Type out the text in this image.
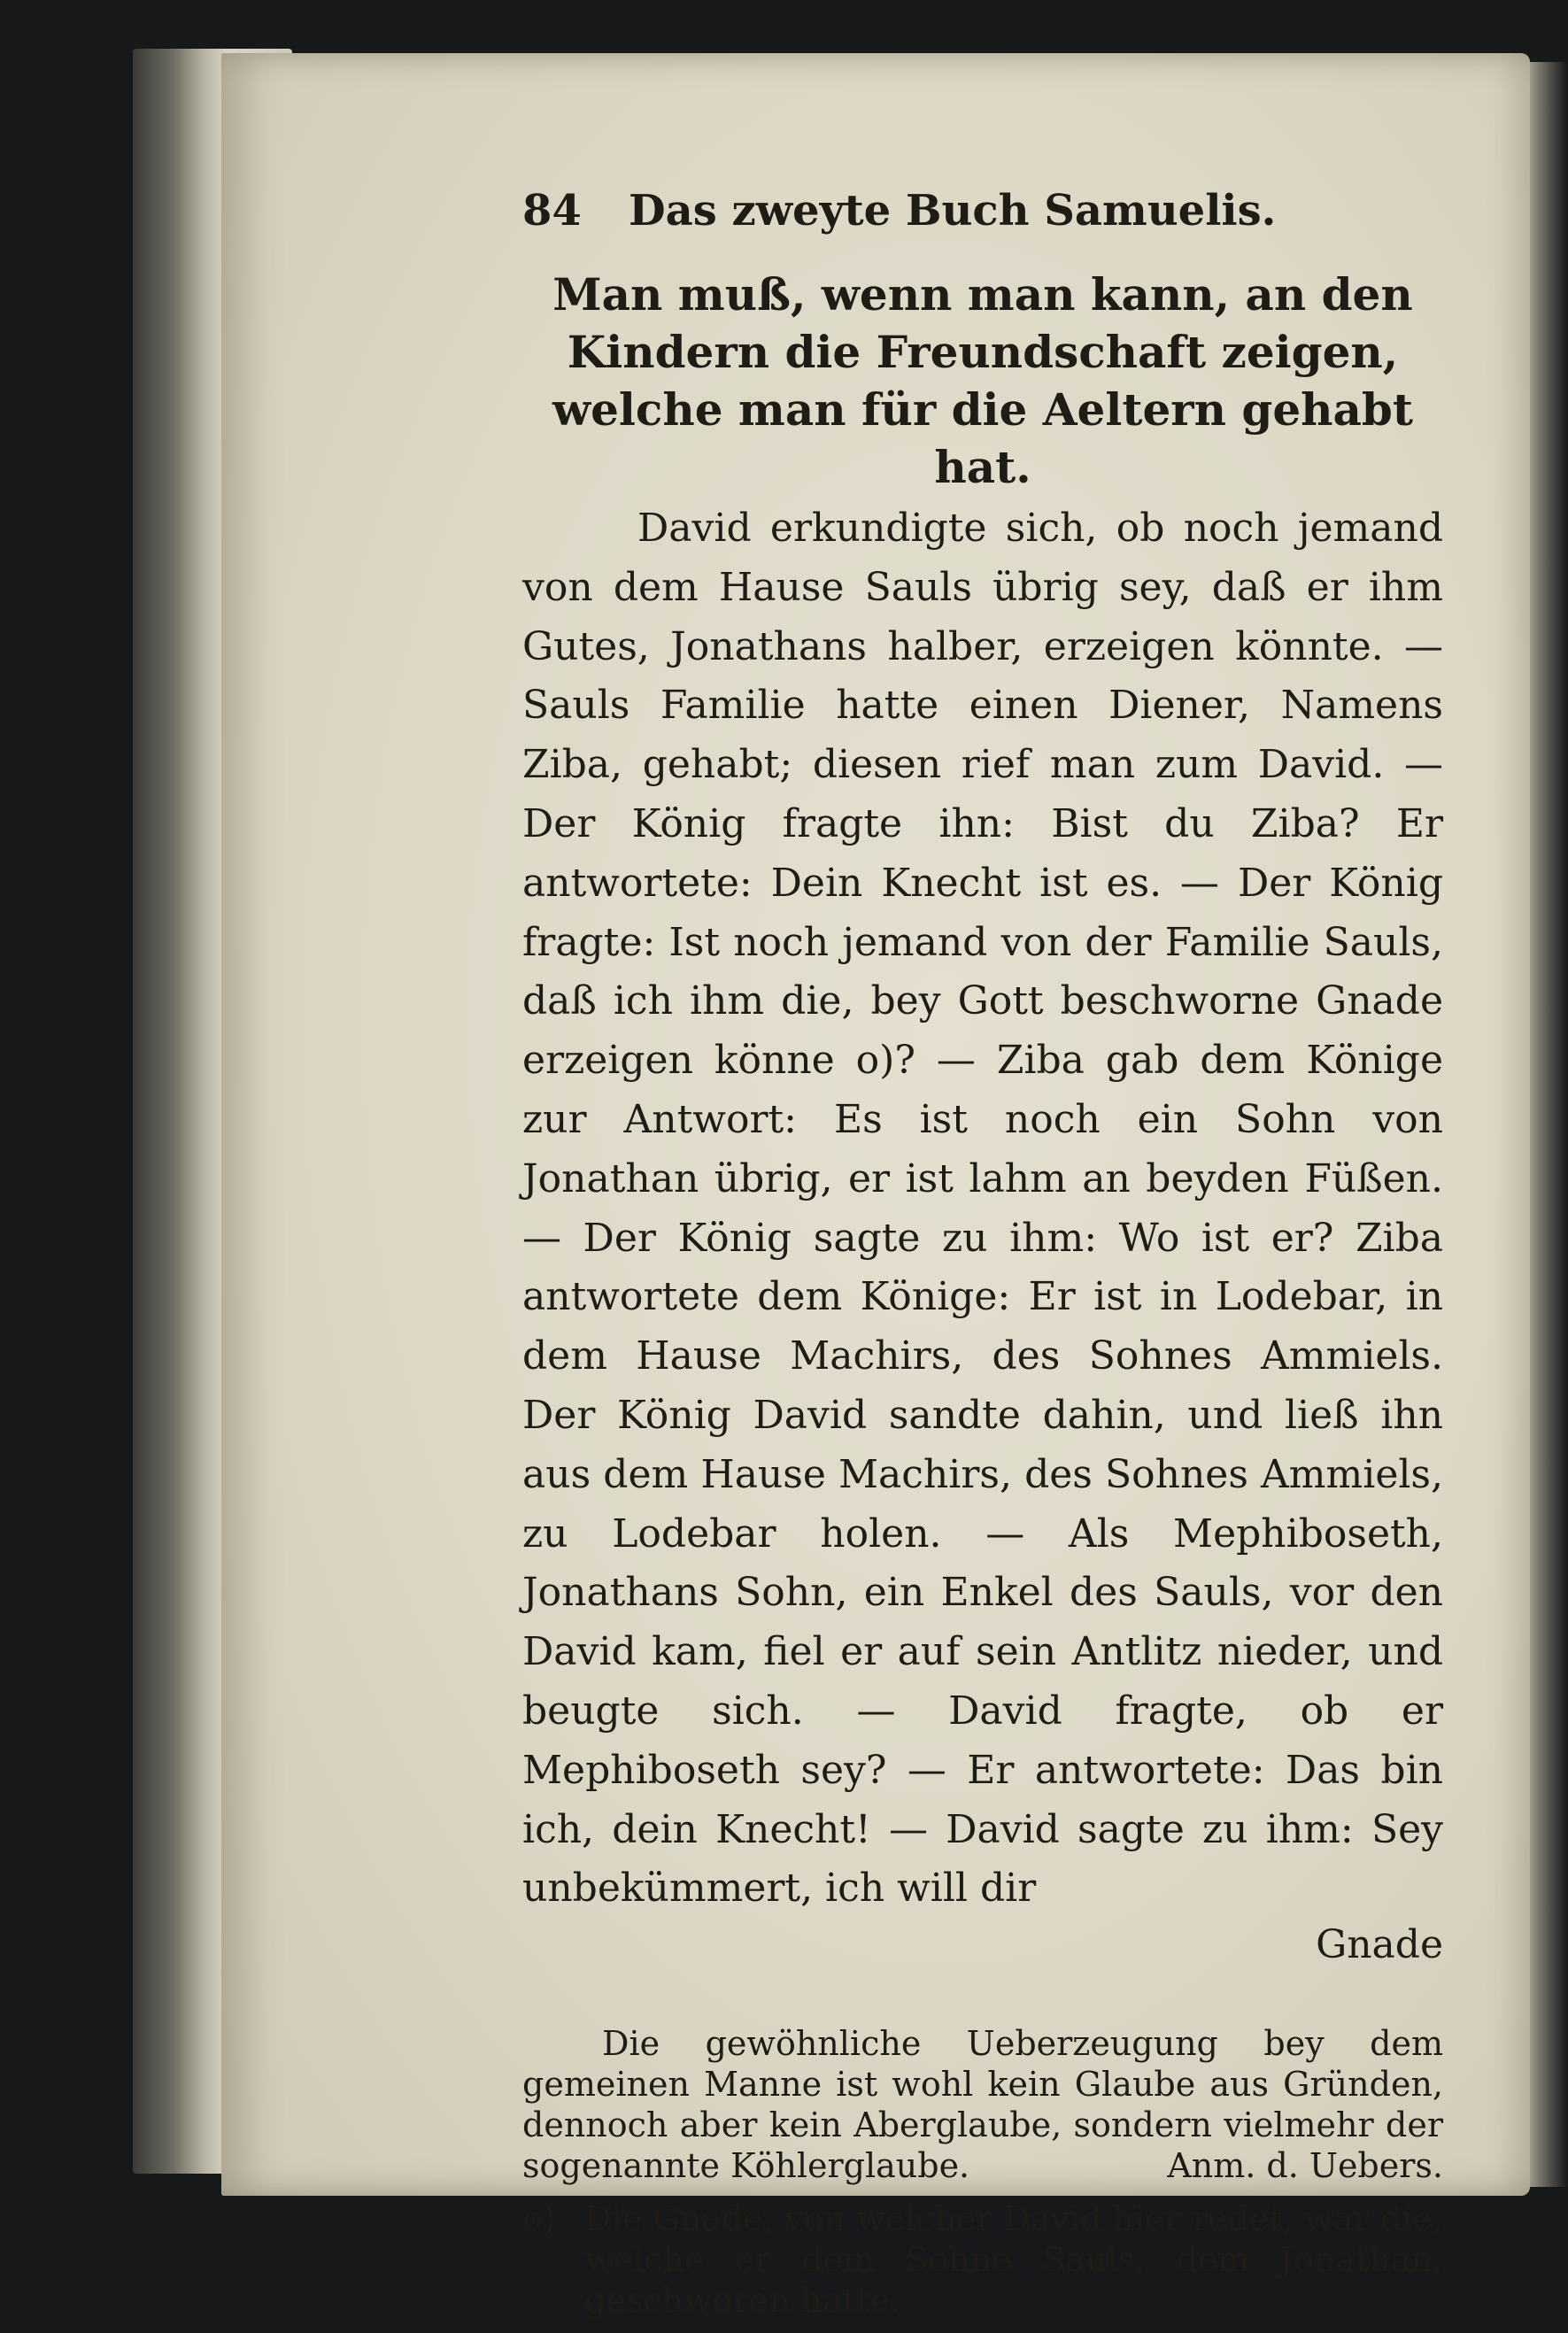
84	Das zweyte Buch Samuelis.
Man muß, wenn man kann, an den Kindern die Freundschaft zeigen, welche man für die Aeltern gehabt hat.

David erkundigte sich, ob noch jemand von dem Hause Sauls übrig sey, daß er ihm Gutes, Jonathans halber, erzeigen könnte. — Sauls Familie hatte einen Diener, Namens Ziba, gehabt; diesen rief man zum David. — Der König fragte ihn: Bist du Ziba? Er antwortete: Dein Knecht ist es. — Der König fragte: Ist noch jemand von der Familie Sauls, daß ich ihm die, bey Gott beschworne Gnade erzeigen könne o)? — Ziba gab dem Könige zur Antwort: Es ist noch ein Sohn von Jonathan übrig, er ist lahm an beyden Füßen. — Der König sagte zu ihm: Wo ist er? Ziba antwortete dem Könige: Er ist in Lodebar, in dem Hause Machirs, des Sohnes Ammiels. Der König David sandte dahin, und ließ ihn aus dem Hause Machirs, des Sohnes Ammiels, zu Lodebar holen. — Als Mephiboseth, Jonathans Sohn, ein Enkel des Sauls, vor den David kam, fiel er auf sein Antlitz nieder, und beugte sich. — David fragte, ob er Mephiboseth sey? — Er antwortete: Das bin ich, dein Knecht! — David sagte zu ihm: Sey unbekümmert, ich will dir

Gnade
Die gewöhnliche Ueberzeugung bey dem gemeinen Manne ist wohl kein Glaube aus Gründen, dennoch aber kein Aberglaube, sondern vielmehr der sogenannte Köhlerglaube.	Anm. d. Uebers.
o) Die Gnade, von welcher David hier redet, war die, welche er dem Sohne Sauls, dem Jonathan, geschworen hatte.
